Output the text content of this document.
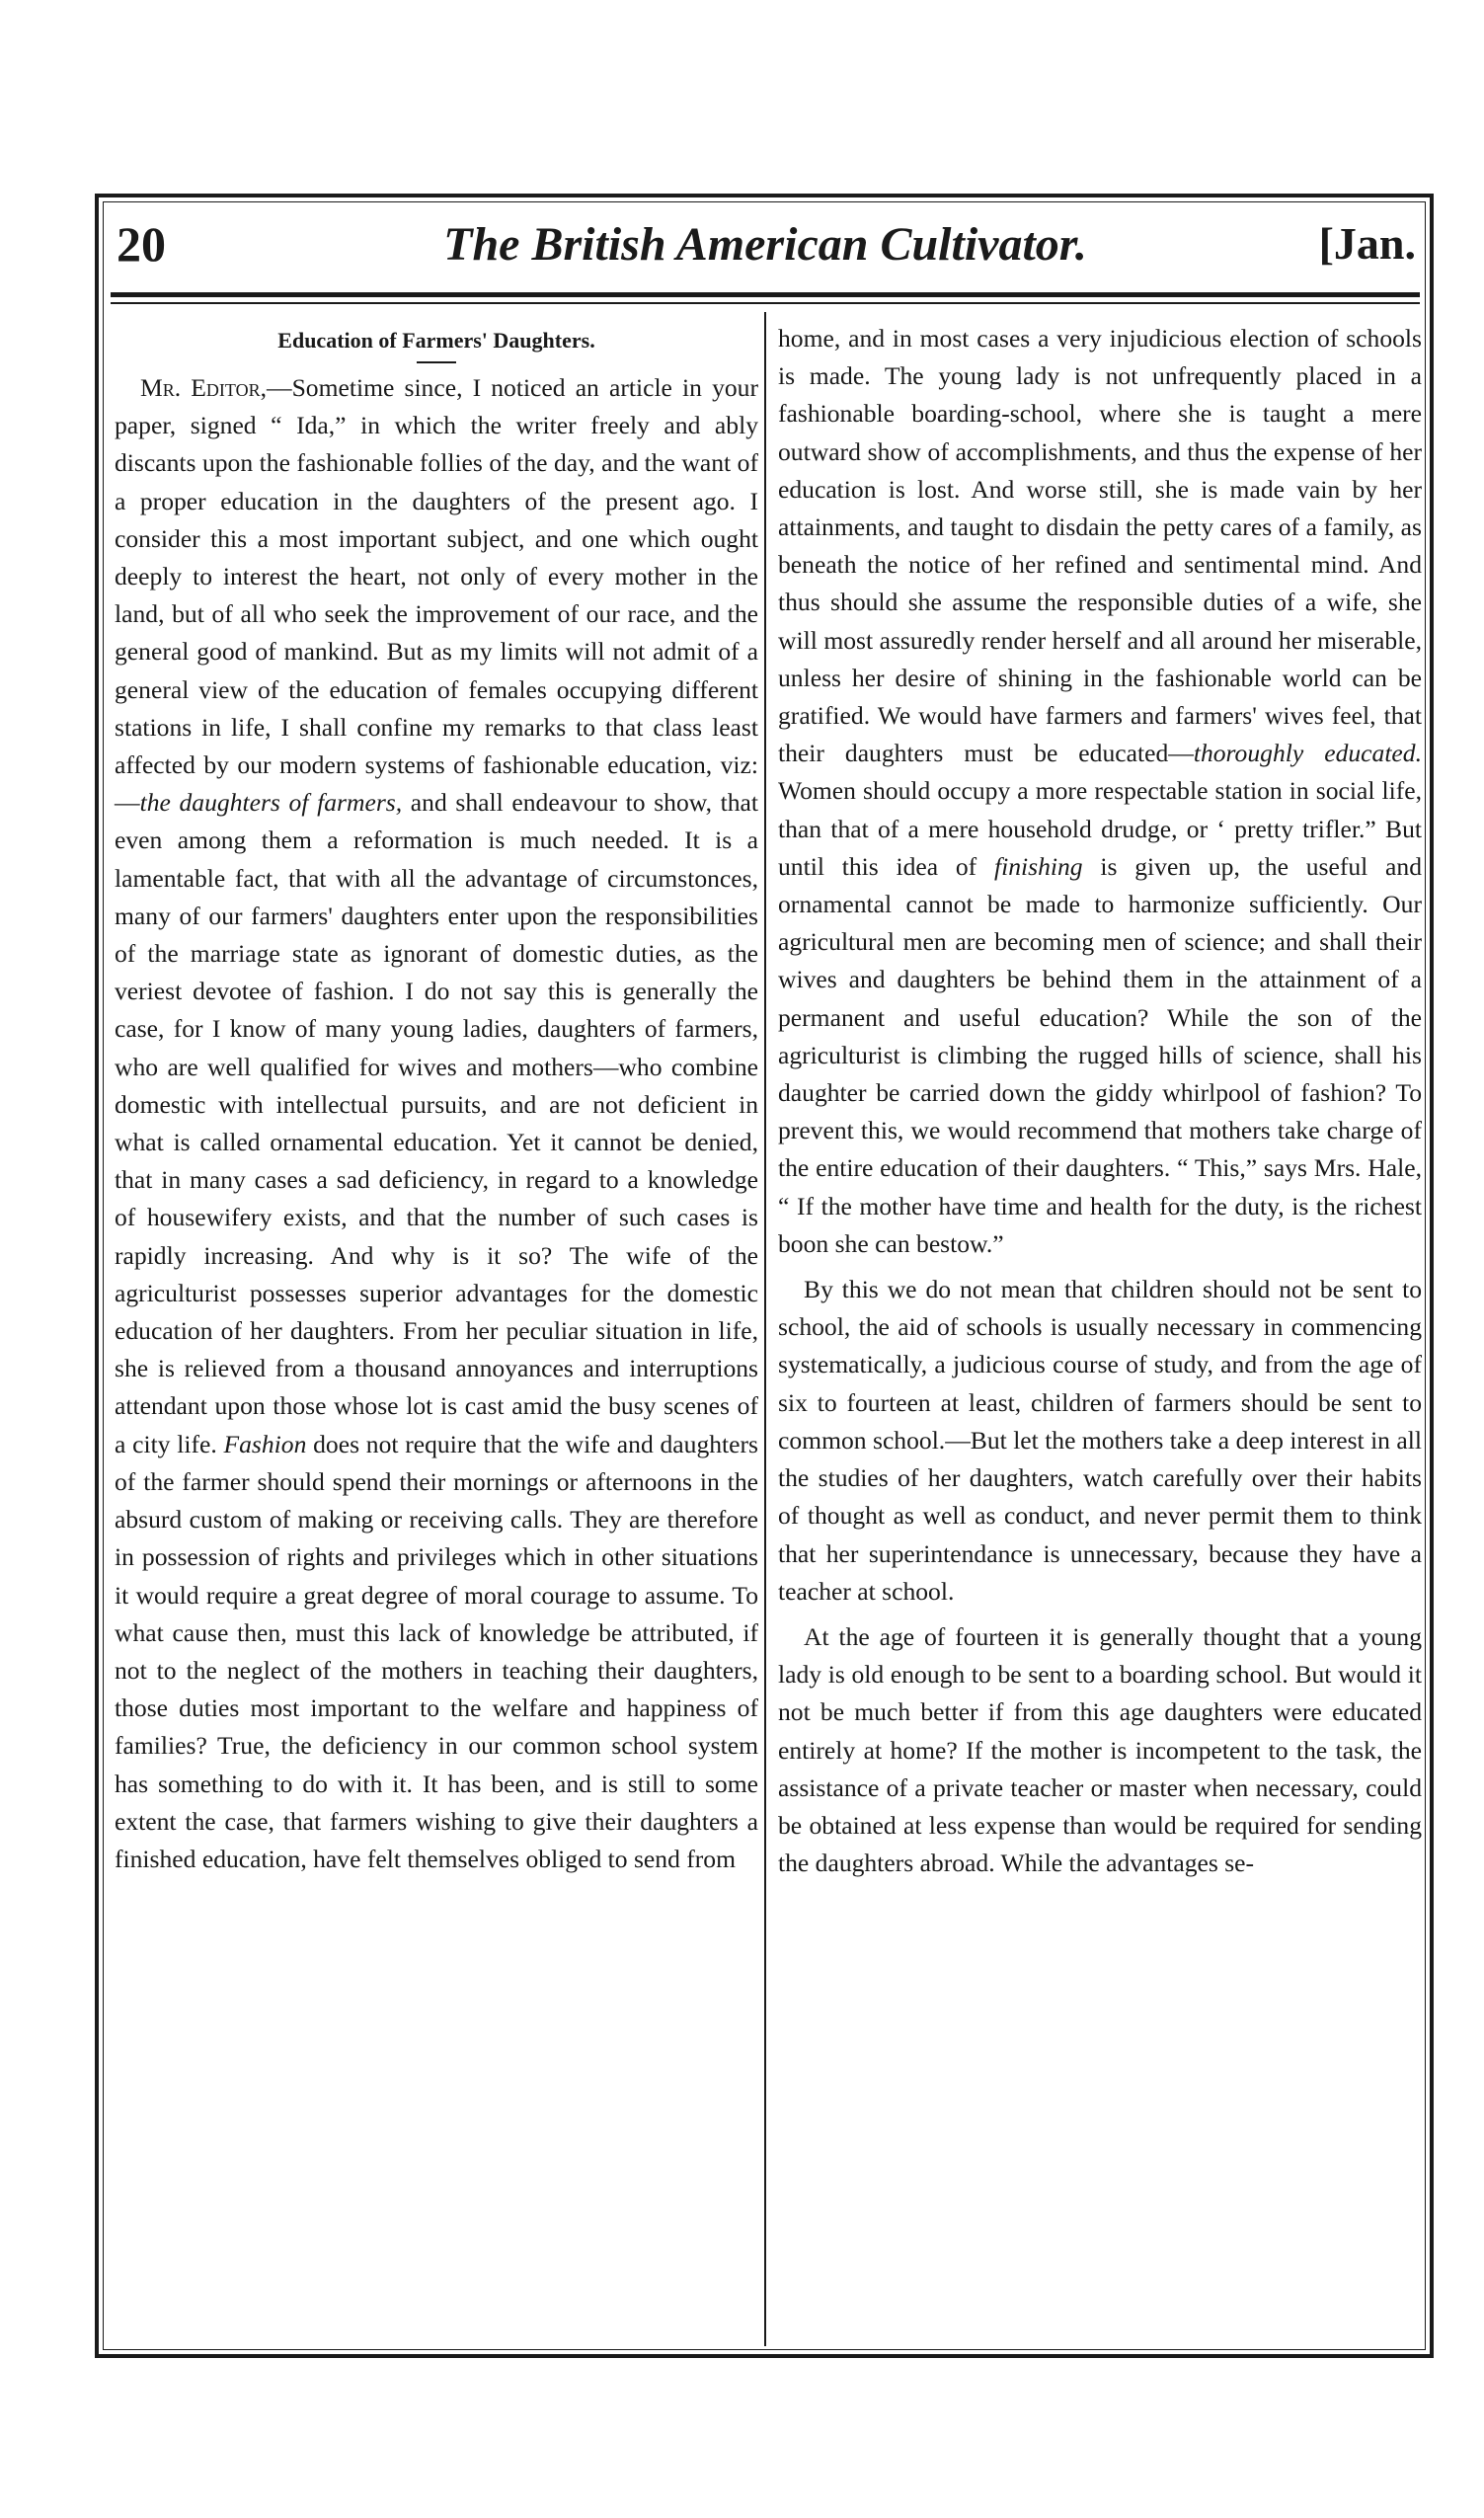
20	The British American Cultivator.	[Jan.
Education of Farmers' Daughters.

Mr. Editor,—Sometime since, I noticed an article in your paper, signed “ Ida,” in which the writer freely and ably discants upon the fashionable follies of the day, and the want of a proper education in the daughters of the present ago. I consider this a most important subject, and one which ought deeply to interest the heart, not only of every mother in the land, but of all who seek the improvement of our race, and the general good of mankind. But as my limits will not admit of a general view of the education of females occupying different stations in life, I shall confine my remarks to that class least affected by our modern systems of fashionable education, viz:—the daughters of farmers, and shall endeavour to show, that even among them a reformation is much needed. It is a lamentable fact, that with all the advantage of circumstonces, many of our farmers' daughters enter upon the responsibilities of the marriage state as ignorant of domestic duties, as the veriest devotee of fashion. I do not say this is generally the case, for I know of many young ladies, daughters of farmers, who are well qualified for wives and mothers—who combine domestic with intellectual pursuits, and are not deficient in what is called ornamental education. Yet it cannot be denied, that in many cases a sad deficiency, in regard to a knowledge of housewifery exists, and that the number of such cases is rapidly increasing. And why is it so? The wife of the agriculturist possesses superior advantages for the domestic education of her daughters. From her peculiar situation in life, she is relieved from a thousand annoyances and interruptions attendant upon those whose lot is cast amid the busy scenes of a city life. Fashion does not require that the wife and daughters of the farmer should spend their mornings or afternoons in the absurd custom of making or receiving calls. They are therefore in possession of rights and privileges which in other situations it would require a great degree of moral courage to assume. To what cause then, must this lack of knowledge be attributed, if not to the neglect of the mothers in teaching their daughters, those duties most important to the welfare and happiness of families? True, the deficiency in our common school system has something to do with it. It has been, and is still to some extent the case, that farmers wishing to give their daughters a finished education, have felt themselves obliged to send from

home, and in most cases a very injudicious election of schools is made. The young lady is not unfrequently placed in a fashionable boarding-school, where she is taught a mere outward show of accomplishments, and thus the expense of her education is lost. And worse still, she is made vain by her attainments, and taught to disdain the petty cares of a family, as beneath the notice of her refined and sentimental mind. And thus should she assume the responsible duties of a wife, she will most assuredly render herself and all around her miserable, unless her desire of shining in the fashionable world can be gratified. We would have farmers and farmers' wives feel, that their daughters must be educated—thoroughly educated. Women should occupy a more respectable station in social life, than that of a mere household drudge, or ‘ pretty trifler.” But until this idea of finishing is given up, the useful and ornamental cannot be made to harmonize sufficiently. Our agricultural men are becoming men of science; and shall their wives and daughters be behind them in the attainment of a permanent and useful education? While the son of the agriculturist is climbing the rugged hills of science, shall his daughter be carried down the giddy whirlpool of fashion? To prevent this, we would recommend that mothers take charge of the entire education of their daughters. “ This,” says Mrs. Hale, “ If the mother have time and health for the duty, is the richest boon she can bestow.”

By this we do not mean that children should not be sent to school, the aid of schools is usually necessary in commencing systematically, a judicious course of study, and from the age of six to fourteen at least, children of farmers should be sent to common school.—But let the mothers take a deep interest in all the studies of her daughters, watch carefully over their habits of thought as well as conduct, and never permit them to think that her superintendance is unnecessary, because they have a teacher at school.

At the age of fourteen it is generally thought that a young lady is old enough to be sent to a boarding school. But would it not be much better if from this age daughters were educated entirely at home? If the mother is incompetent to the task, the assistance of a private teacher or master when necessary, could be obtained at less expense than would be required for sending the daughters abroad. While the advantages se-
